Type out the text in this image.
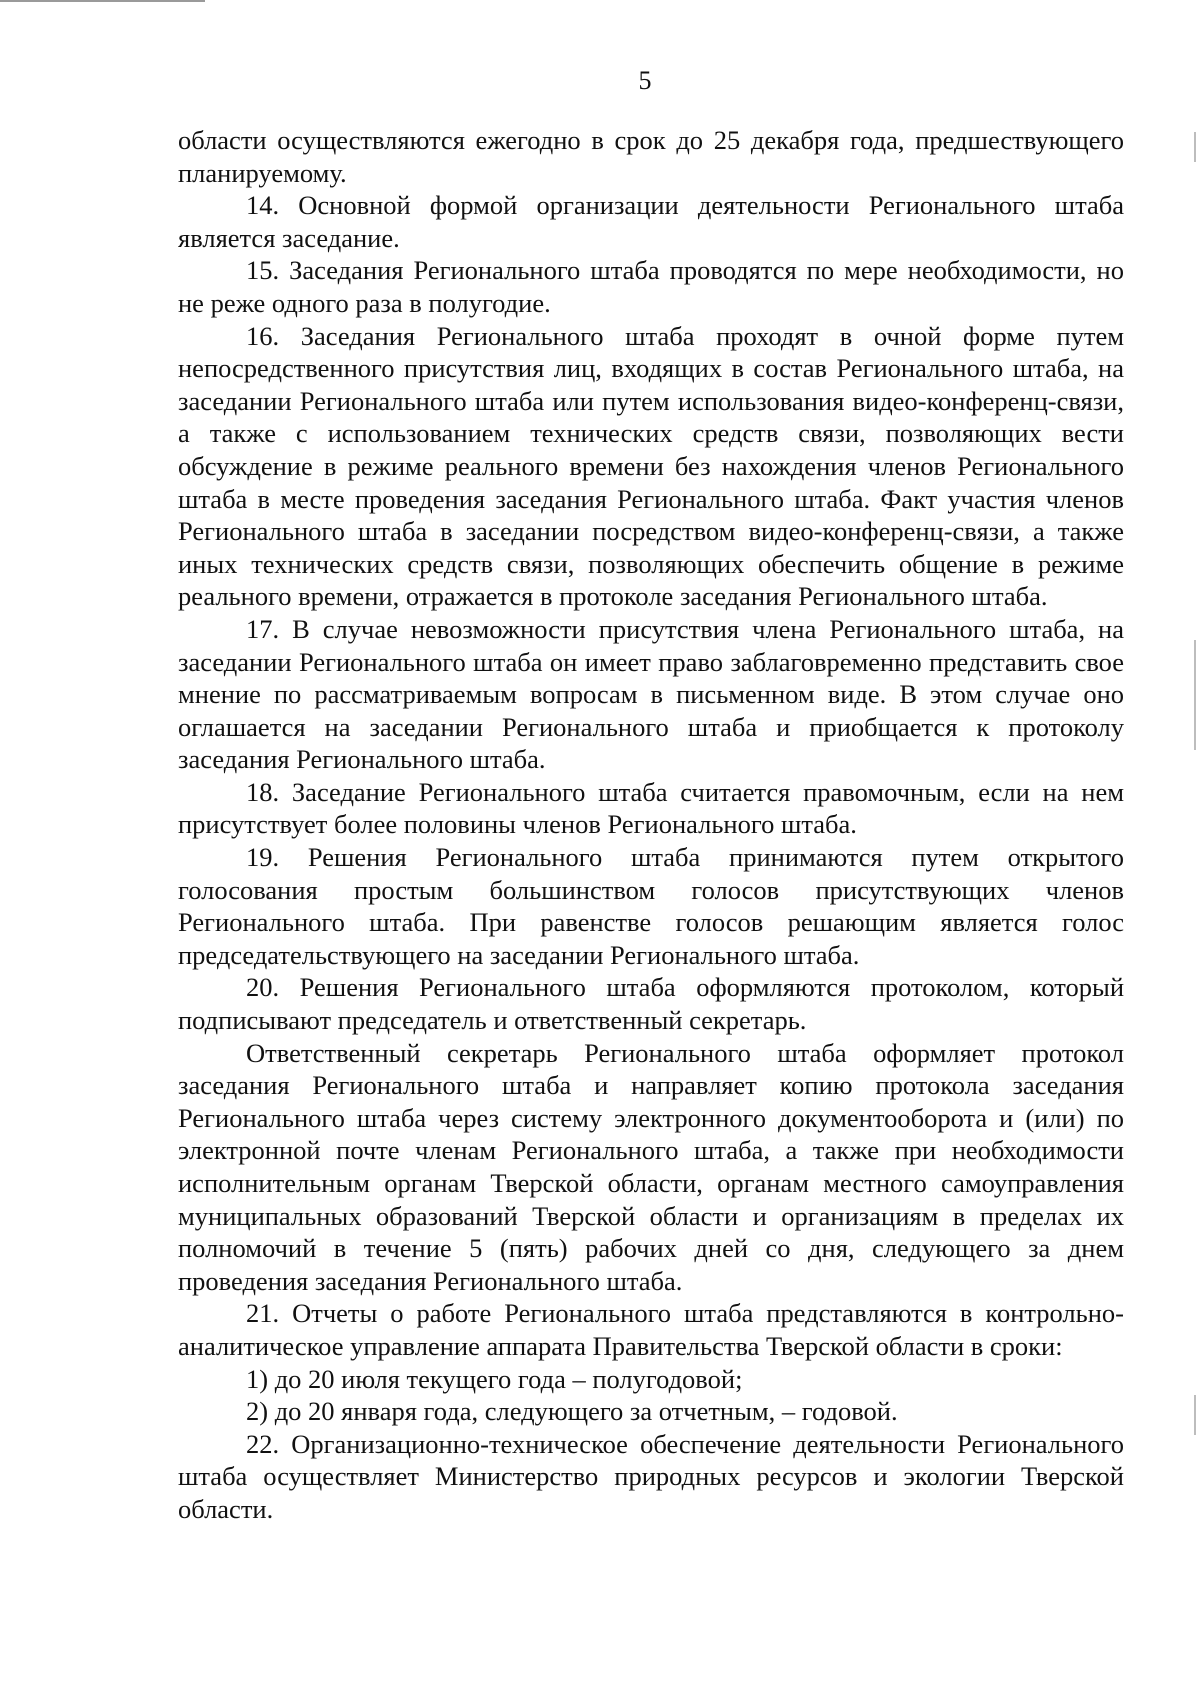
5

области осуществляются ежегодно в срок до 25 декабря года, предшествующего планируемому.

14. Основной формой организации деятельности Регионального штаба является заседание.

15. Заседания Регионального штаба проводятся по мере необходимости, но не реже одного раза в полугодие.

16. Заседания Регионального штаба проходят в очной форме путем непосредственного присутствия лиц, входящих в состав Регионального штаба, на заседании Регионального штаба или путем использования видео-конференц-связи, а также с использованием технических средств связи, позволяющих вести обсуждение в режиме реального времени без нахождения членов Регионального штаба в месте проведения заседания Регионального штаба. Факт участия членов Регионального штаба в заседании посредством видео-конференц-связи, а также иных технических средств связи, позволяющих обеспечить общение в режиме реального времени, отражается в протоколе заседания Регионального штаба.

17. В случае невозможности присутствия члена Регионального штаба, на заседании Регионального штаба он имеет право заблаговременно представить свое мнение по рассматриваемым вопросам в письменном виде. В этом случае оно оглашается на заседании Регионального штаба и приобщается к протоколу заседания Регионального штаба.

18. Заседание Регионального штаба считается правомочным, если на нем присутствует более половины членов Регионального штаба.

19. Решения Регионального штаба принимаются путем открытого голосования простым большинством голосов присутствующих членов Регионального штаба. При равенстве голосов решающим является голос председательствующего на заседании Регионального штаба.

20. Решения Регионального штаба оформляются протоколом, который подписывают председатель и ответственный секретарь.

Ответственный секретарь Регионального штаба оформляет протокол заседания Регионального штаба и направляет копию протокола заседания Регионального штаба через систему электронного документооборота и (или) по электронной почте членам Регионального штаба, а также при необходимости исполнительным органам Тверской области, органам местного самоуправления муниципальных образований Тверской области и организациям в пределах их полномочий в течение 5 (пять) рабочих дней со дня, следующего за днем проведения заседания Регионального штаба.

21. Отчеты о работе Регионального штаба представляются в контрольно-аналитическое управление аппарата Правительства Тверской области в сроки:

1) до 20 июля текущего года – полугодовой;

2) до 20 января года, следующего за отчетным, – годовой.

22. Организационно-техническое обеспечение деятельности Регионального штаба осуществляет Министерство природных ресурсов и экологии Тверской области.
